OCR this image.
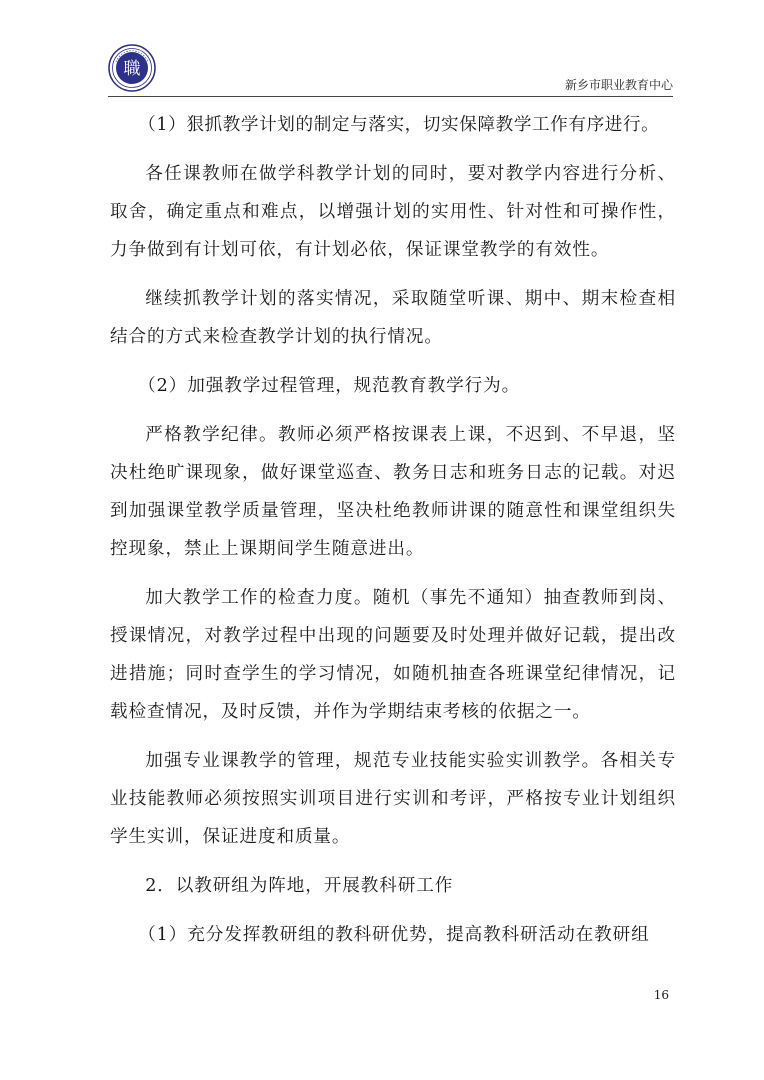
職
新乡市职业教育中心

（1）狠抓教学计划的制定与落实，切实保障教学工作有序进行。

各任课教师在做学科教学计划的同时，要对教学内容进行分析、取舍，确定重点和难点，以增强计划的实用性、针对性和可操作性，力争做到有计划可依，有计划必依，保证课堂教学的有效性。

继续抓教学计划的落实情况，采取随堂听课、期中、期末检查相结合的方式来检查教学计划的执行情况。

（2）加强教学过程管理，规范教育教学行为。

严格教学纪律。教师必须严格按课表上课，不迟到、不早退，坚决杜绝旷课现象，做好课堂巡查、教务日志和班务日志的记载。对迟到加强课堂教学质量管理，坚决杜绝教师讲课的随意性和课堂组织失控现象，禁止上课期间学生随意进出。

加大教学工作的检查力度。随机（事先不通知）抽查教师到岗、授课情况，对教学过程中出现的问题要及时处理并做好记载，提出改进措施；同时查学生的学习情况，如随机抽查各班课堂纪律情况，记载检查情况，及时反馈，并作为学期结束考核的依据之一。

加强专业课教学的管理，规范专业技能实验实训教学。各相关专业技能教师必须按照实训项目进行实训和考评，严格按专业计划组织学生实训，保证进度和质量。

2．以教研组为阵地，开展教科研工作

（1）充分发挥教研组的教科研优势，提高教科研活动在教研组

16
